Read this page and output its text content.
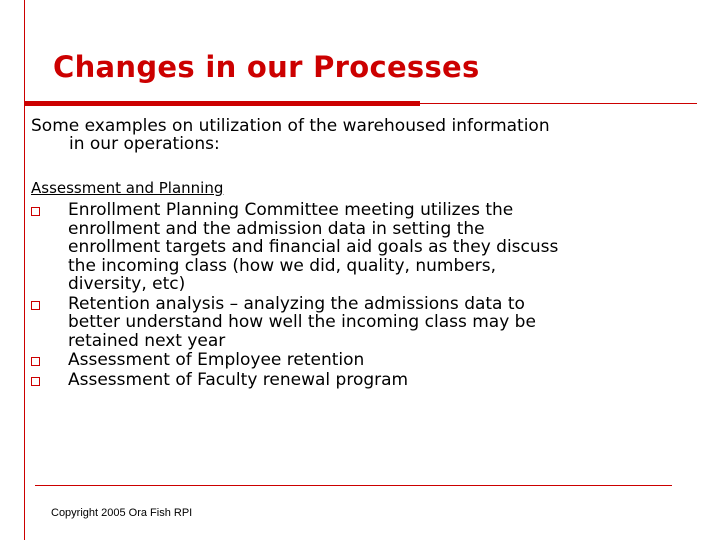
Changes in our Processes
Some examples on utilization of the warehoused information
in our operations:
Assessment and Planning
Enrollment Planning Committee meeting utilizes the
enrollment and the admission data in setting the
enrollment targets and financial aid goals as they discuss
the incoming class (how we did, quality, numbers,
diversity, etc)
Retention analysis – analyzing the admissions data to
better understand how well the incoming class may be
retained next year
Assessment of Employee retention
Assessment of Faculty renewal program
Copyright 2005 Ora Fish RPI
